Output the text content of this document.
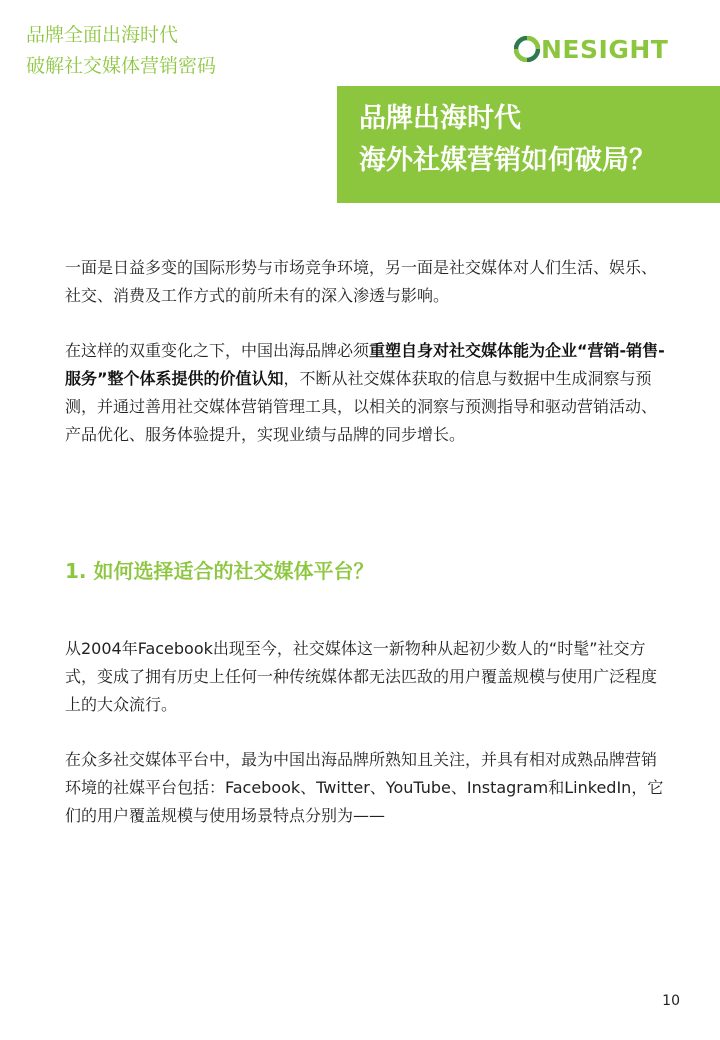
品牌全面出海时代
破解社交媒体营销密码
NE SIGHT
品牌出海时代
海外社媒营销如何破局？

一面是日益多变的国际形势与市场竞争环境，另一面是社交媒体对人们生活、娱乐、社交、消费及工作方式的前所未有的深入渗透与影响。

在这样的双重变化之下，中国出海品牌必须重塑自身对社交媒体能为企业“营销-销售-服务”整个体系提供的价值认知，不断从社交媒体获取的信息与数据中生成洞察与预测，并通过善用社交媒体营销管理工具，以相关的洞察与预测指导和驱动营销活动、产品优化、服务体验提升，实现业绩与品牌的同步增长。

1. 如何选择适合的社交媒体平台？

从2004年Facebook出现至今，社交媒体这一新物种从起初少数人的“时髦”社交方式，变成了拥有历史上任何一种传统媒体都无法匹敌的用户覆盖规模与使用广泛程度上的大众流行。

在众多社交媒体平台中，最为中国出海品牌所熟知且关注，并具有相对成熟品牌营销环境的社媒平台包括：Facebook、Twitter、YouTube、Instagram和LinkedIn，它们的用户覆盖规模与使用场景特点分别为——

10
